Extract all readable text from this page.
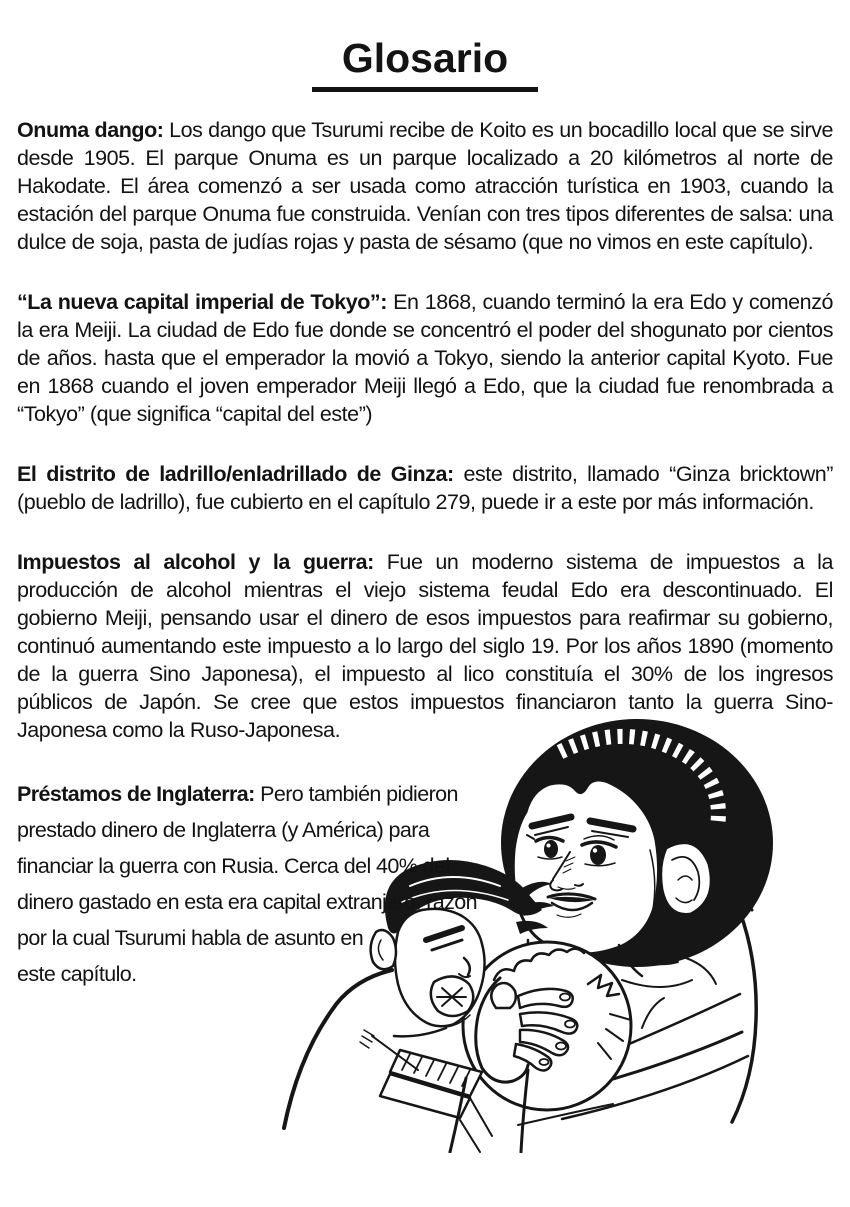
Glosario
Onuma dango: Los dango que Tsurumi recibe de Koito es un bocadillo local que se sirve desde 1905. El parque Onuma es un parque localizado a 20 kilómetros al norte de Hakodate. El área comenzó a ser usada como atracción turística en 1903, cuando la estación del parque Onuma fue construida. Venían con tres tipos diferentes de salsa: una dulce de soja, pasta de judías rojas y pasta de sésamo (que no vimos en este capítulo).
“La nueva capital imperial de Tokyo”: En 1868, cuando terminó la era Edo y comenzó la era Meiji. La ciudad de Edo fue donde se concentró el poder del shogunato por cientos de años. hasta que el emperador la movió a Tokyo, siendo la anterior capital Kyoto. Fue en 1868 cuando el joven emperador Meiji llegó a Edo, que la ciudad fue renombrada a “Tokyo” (que significa “capital del este”)
El distrito de ladrillo/enladrillado de Ginza: este distrito, llamado “Ginza bricktown” (pueblo de ladrillo), fue cubierto en el capítulo 279, puede ir a este por más información.
Impuestos al alcohol y la guerra: Fue un moderno sistema de impuestos a la producción de alcohol mientras el viejo sistema feudal Edo era descontinuado. El gobierno Meiji, pensando usar el dinero de esos impuestos para reafirmar su gobierno, continuó aumentando este impuesto a lo largo del siglo 19. Por los años 1890 (momento de la guerra Sino Japonesa), el impuesto al lico constituía el 30% de los ingresos públicos de Japón. Se cree que estos impuestos financiaron tanto la guerra Sino-Japonesa como la Ruso-Japonesa.
Préstamos de Inglaterra: Pero también pidieron prestado dinero de Inglaterra (y América) para financiar la guerra con Rusia. Cerca del 40% del dinero gastado en esta era capital extranjero, razón por la cual Tsurumi habla de asunto en este capítulo.
